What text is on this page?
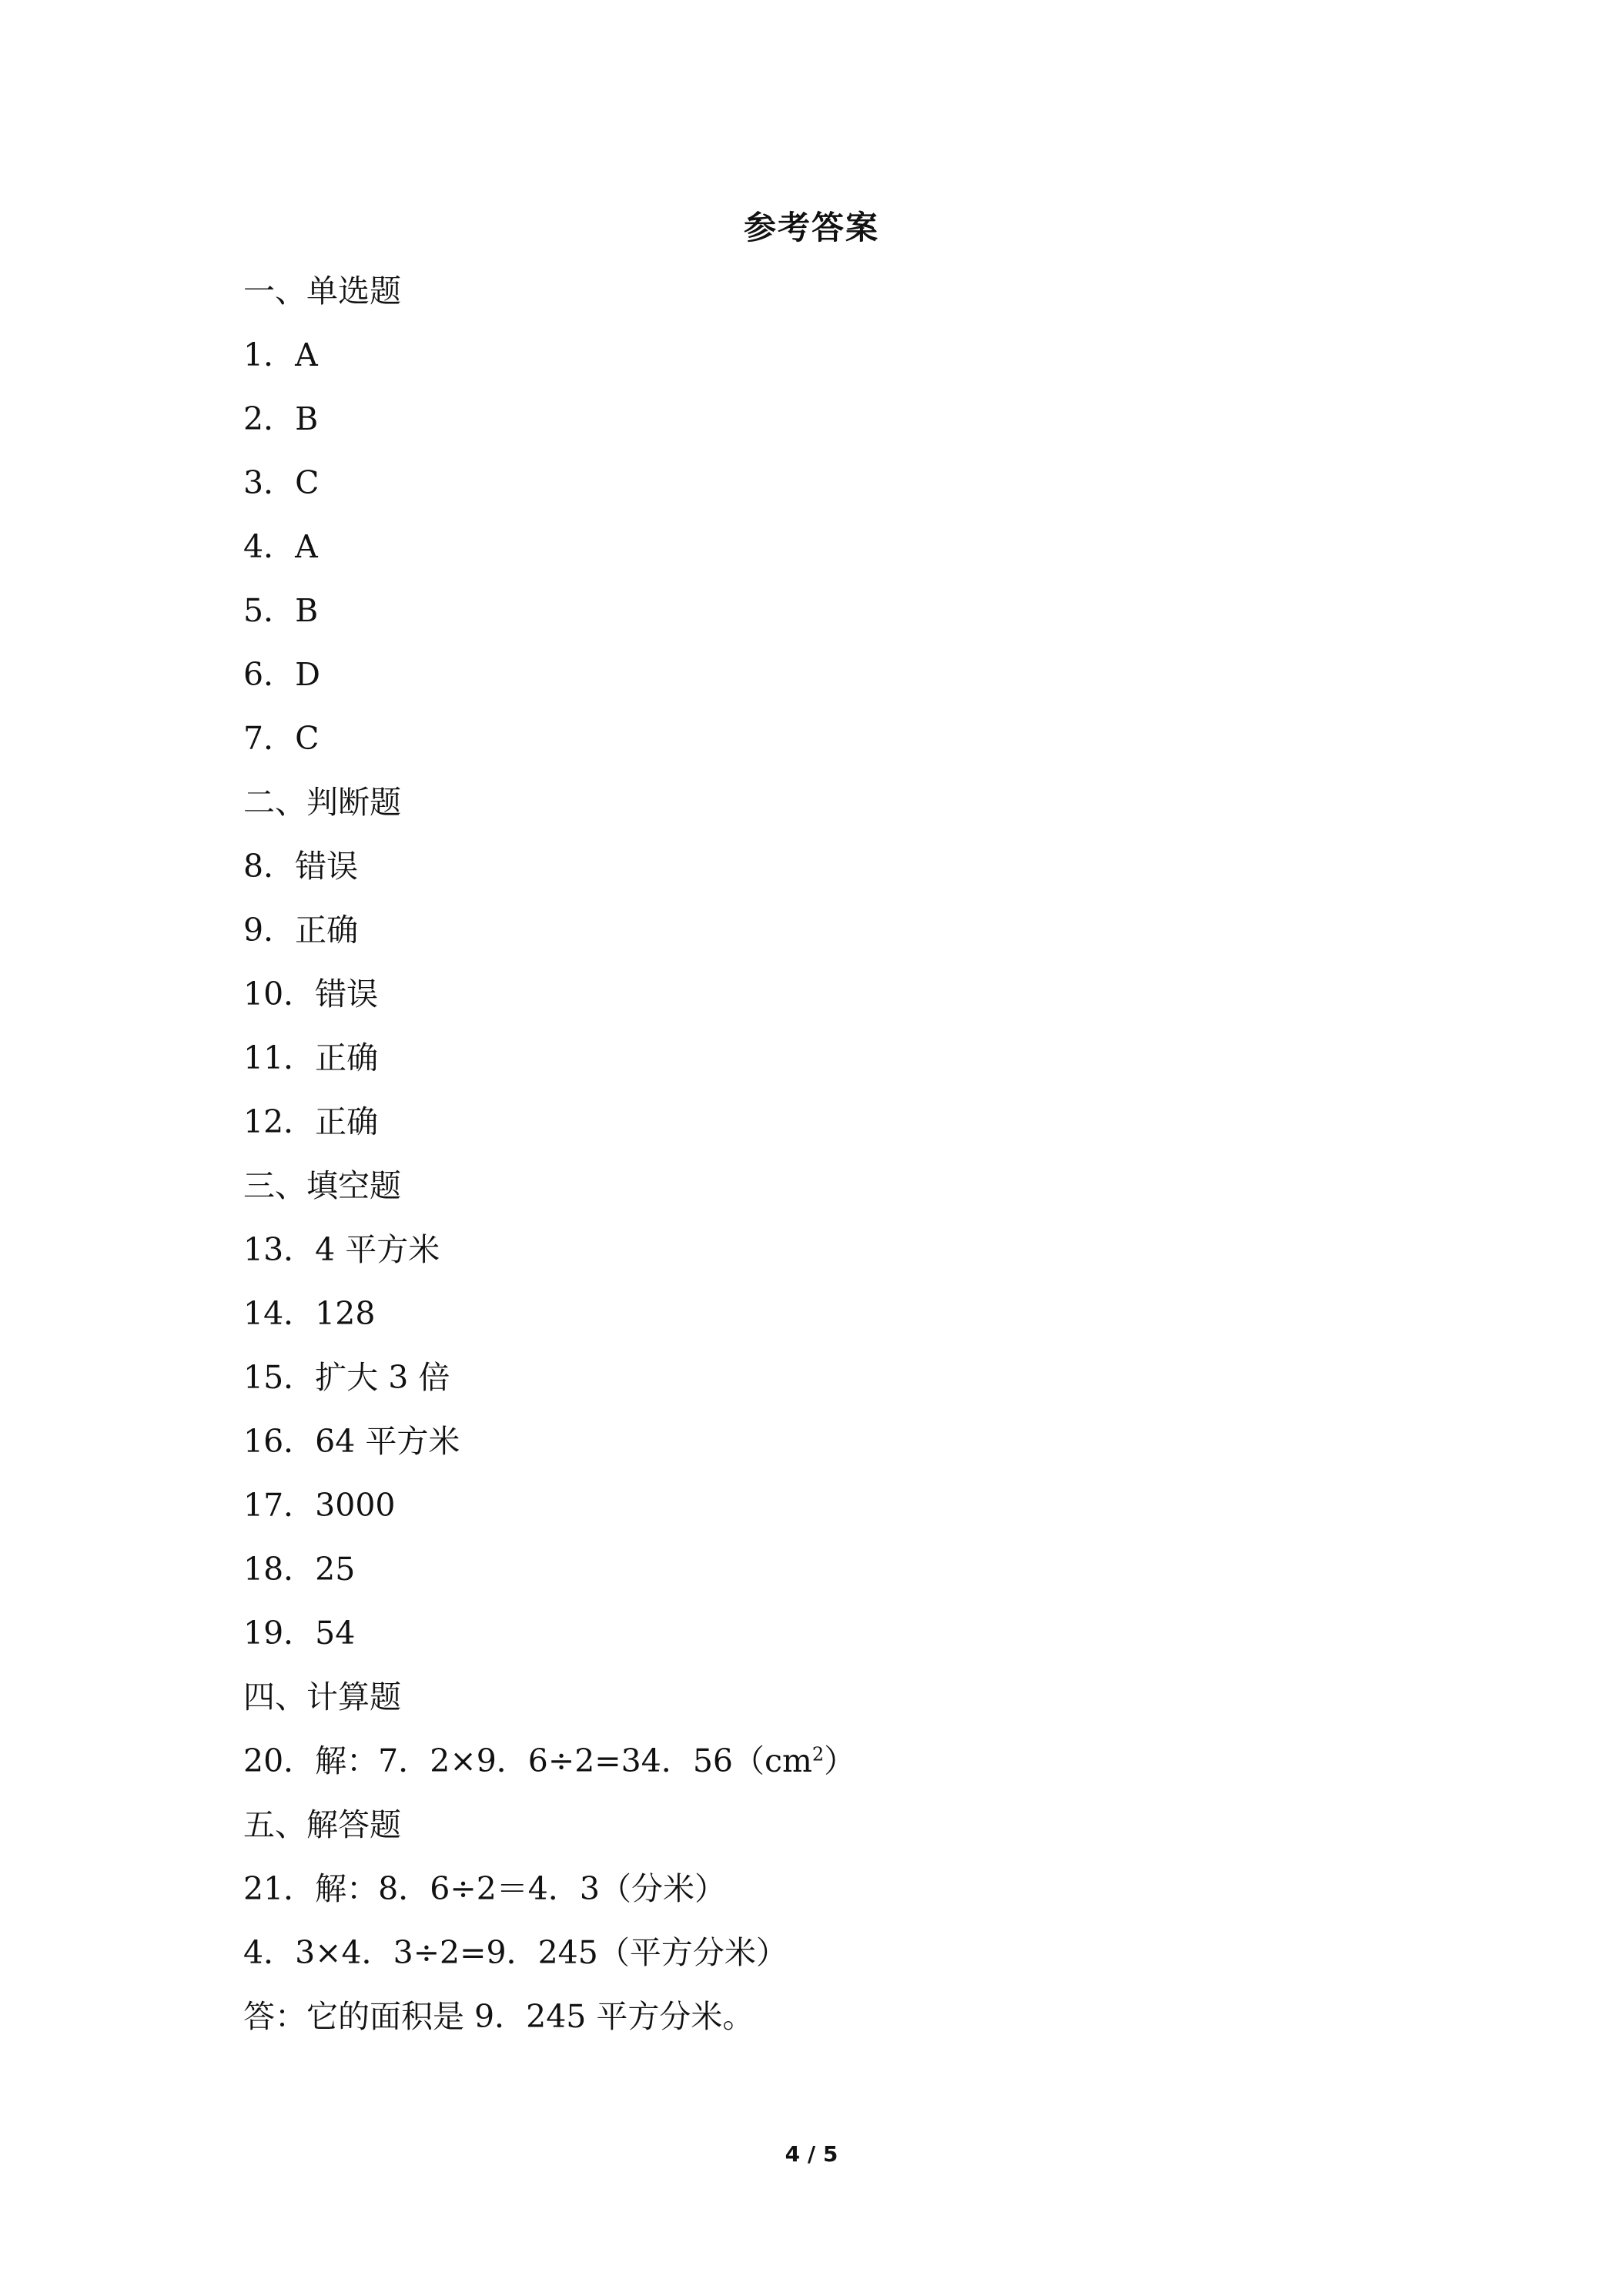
参考答案
一、单选题
1．A
2．B
3．C
4．A
5．B
6．D
7．C
二、判断题
8．错误
9．正确
10．错误
11．正确
12．正确
三、填空题
13．4 平方米
14．128
15．扩大 3 倍
16．64 平方米
17．3000
18．25
19．54
四、计算题
20．解：7．2×9．6÷2=34．$56(cm^2)$
五、解答题
21．解：8．6÷2＝4．3（分米）
4．3×4．3÷2=9．245（平方分米）
答：它的面积是 9．245 平方分米。
4 / 5
